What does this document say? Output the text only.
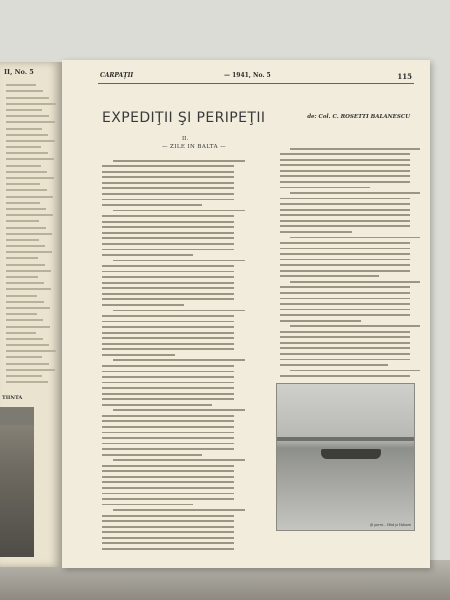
II, No. 5
TIINTA
CARPAŢII	— 1941, No. 5	115
EXPEDIŢII ŞI PERIPEŢII	de: Col. C. ROSETTI BALANESCU
II.
— ZILE IN BALTA —
Şi porni... Vânt şi Valoare
